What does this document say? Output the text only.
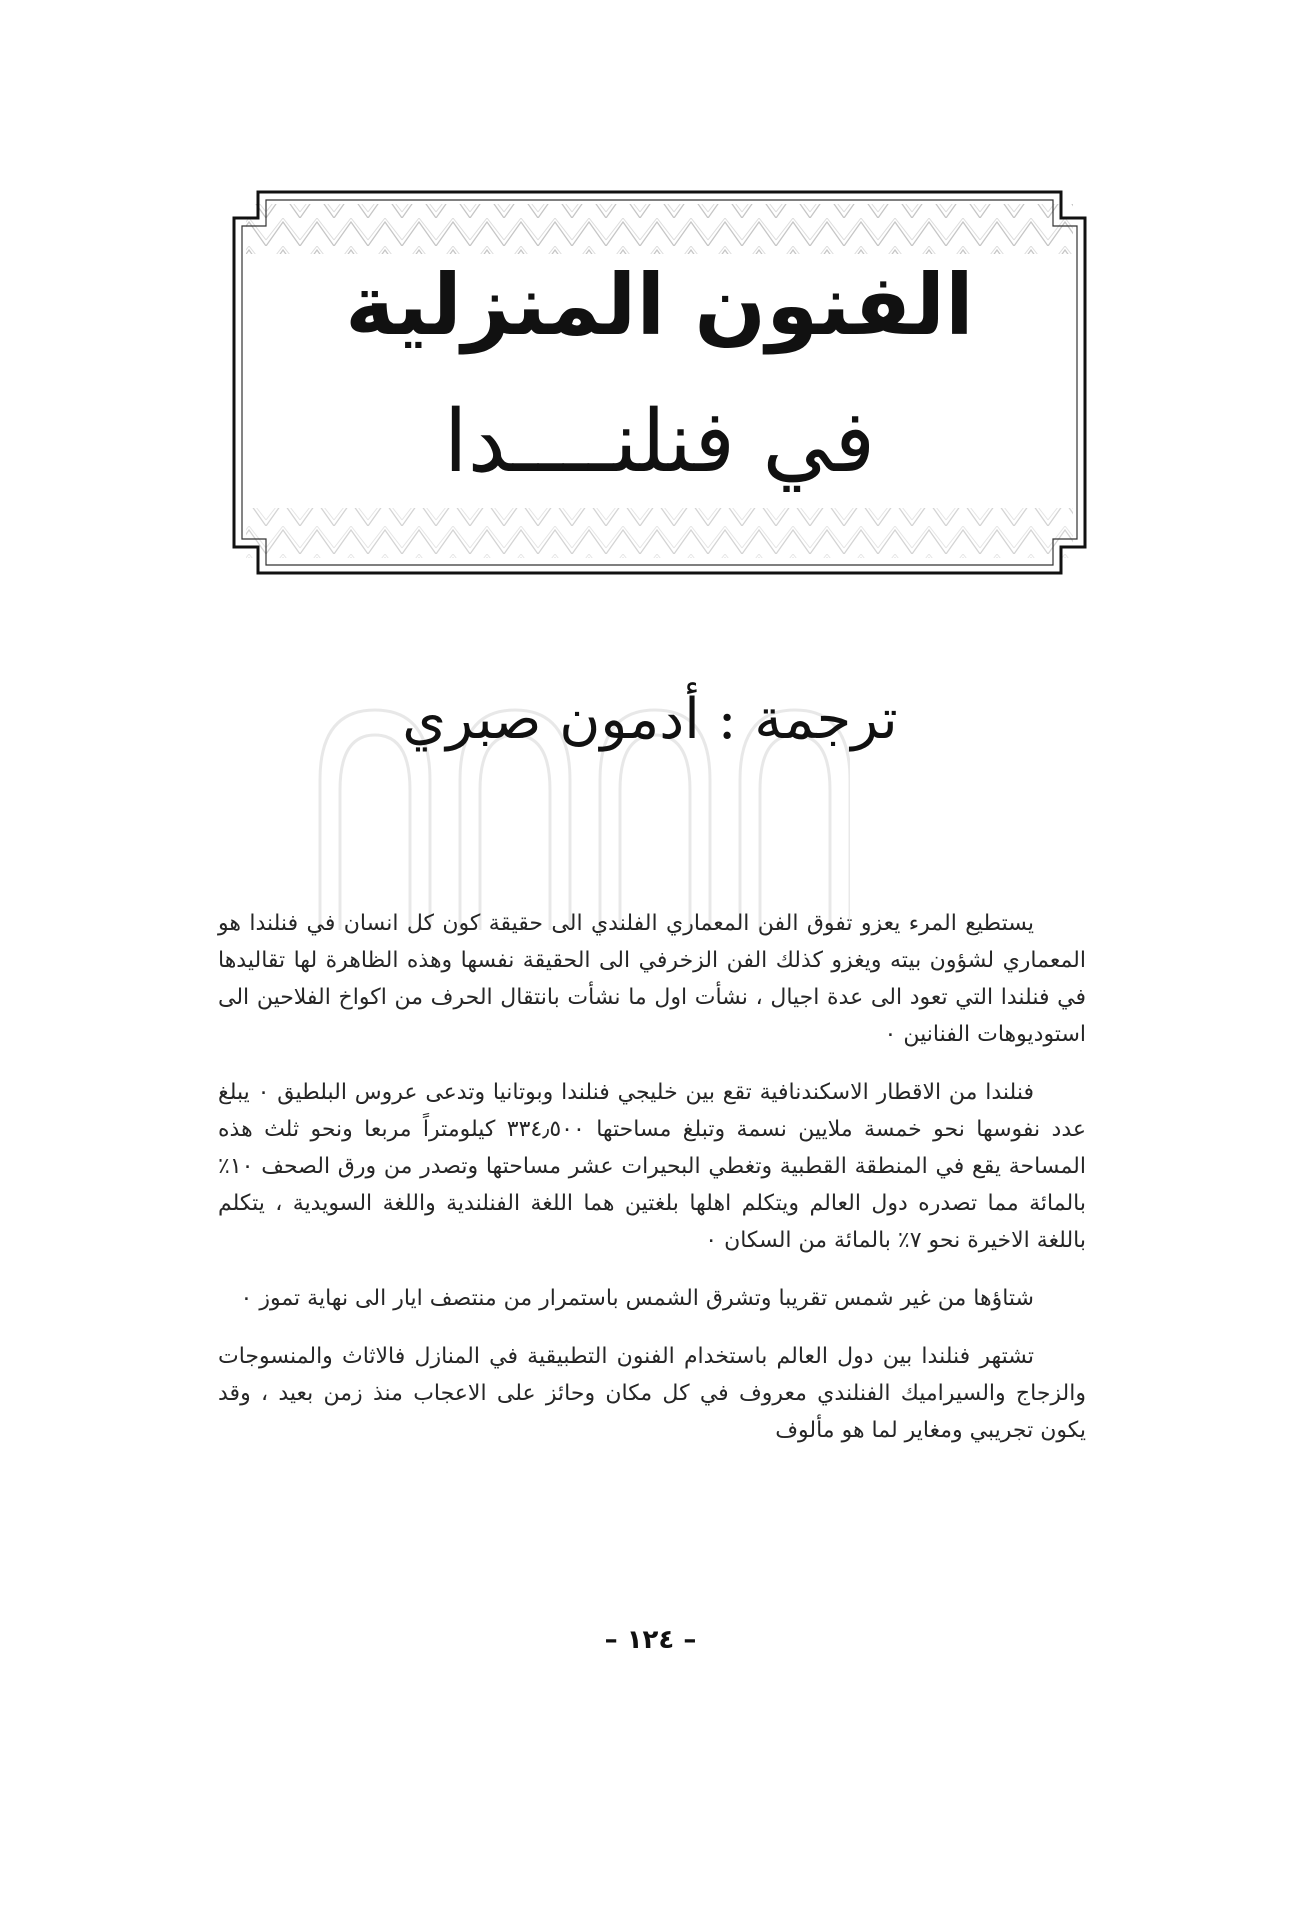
الفنون المنزلية
في فنلنــــدا
ترجمة : أدمون صبري

يستطيع المرء يعزو تفوق الفن المعماري الفلندي الى حقيقة كون كل انسان في فنلندا هو المعماري لشؤون بيته ويغزو كذلك الفن الزخرفي الى الحقيقة نفسها وهذه الظاهرة لها تقاليدها في فنلندا التي تعود الى عدة اجيال ، نشأت اول ما نشأت بانتقال الحرف من اكواخ الفلاحين الى استوديوهات الفنانين ٠

فنلندا من الاقطار الاسكندنافية تقع بين خليجي فنلندا وبوتانيا وتدعى عروس البلطيق ٠ يبلغ عدد نفوسها نحو خمسة ملايين نسمة وتبلغ مساحتها ٣٣٤٫٥٠٠ كيلومتراً مربعا ونحو ثلث هذه المساحة يقع في المنطقة القطبية وتغطي البحيرات عشر مساحتها وتصدر من ورق الصحف ١٠٪ بالمائة مما تصدره دول العالم ويتكلم اهلها بلغتين هما اللغة الفنلندية واللغة السويدية ، يتكلم باللغة الاخيرة نحو ٧٪ بالمائة من السكان ٠

شتاؤها من غير شمس تقريبا وتشرق الشمس باستمرار من منتصف ايار الى نهاية تموز ٠

تشتهر فنلندا بين دول العالم باستخدام الفنون التطبيقية في المنازل فالاثاث والمنسوجات والزجاج والسيراميك الفنلندي معروف في كل مكان وحائز على الاعجاب منذ زمن بعيد ، وقد يكون تجريبي ومغاير لما هو مألوف

– ١٢٤ –
